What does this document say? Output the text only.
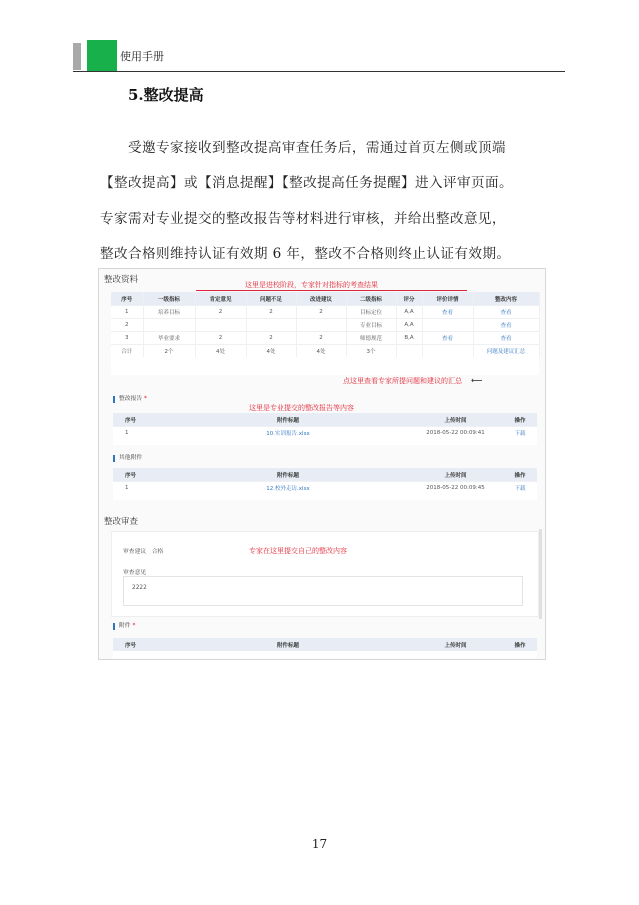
使用手册
5.整改提高
受邀专家接收到整改提高审查任务后，需通过首页左侧或顶端
【整改提高】或【消息提醒】【整改提高任务提醒】进入评审页面。
专家需对专业提交的整改报告等材料进行审核，并给出整改意见，
整改合格则维持认证有效期 6 年，整改不合格则终止认证有效期。
整改资料	这里是进校阶段，专家针对指标的考查结果
序号	一级指标	肯定意见	问题不足	改进建议	二级指标	评分	评价详情	整改内容
1	培养目标	2	2	2	目标定位	A,A	查看	查看
2					专业目标	A,A		查看
3	毕业要求	2	2	2	师德规范	B,A	查看	查看
合计	2个	4处	4处	4处	3个			问题及建议汇总
点这里查看专家所提问题和建议的汇总 ⟵
整改报告 *
这里是专业提交的整改报告等内容
序号	附件标题	上传时间	操作
1	10.实训报告.xlsx	2018-05-22 00:09:41	下载
其他附件
序号	附件标题	上传时间	操作
1	12.校外走访.xlsx	2018-05-22 00:09:45	下载
整改审查
审查建议 合格	专家在这里提交自己的整改内容
审查意见
2222
附件 *
序号	附件标题	上传时间	操作
17
